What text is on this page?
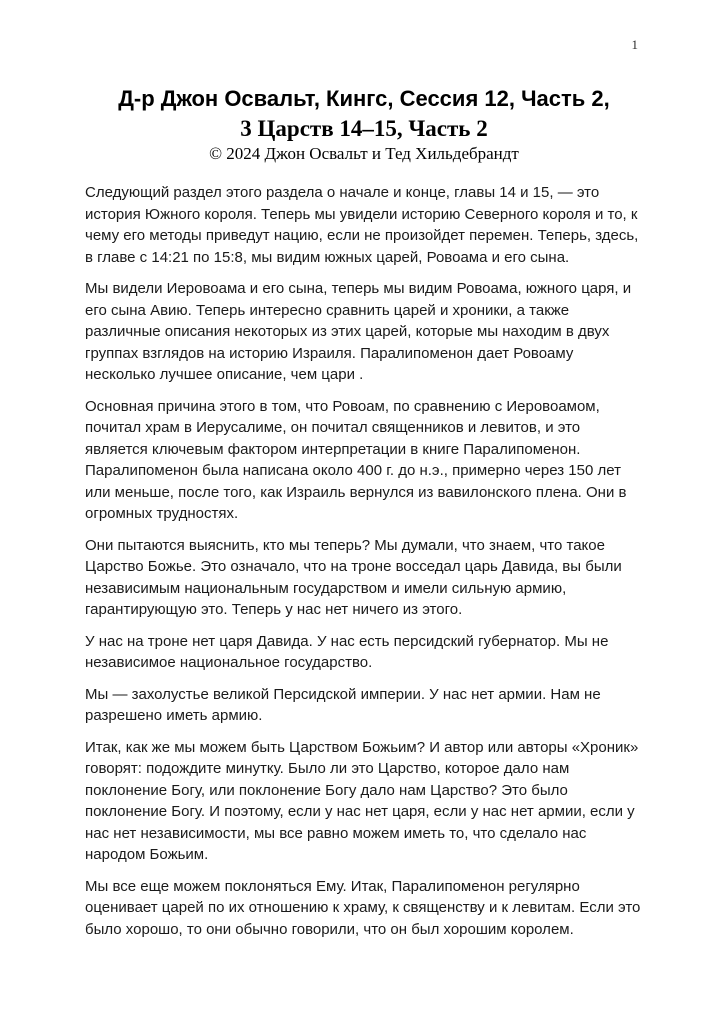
1
Д-р Джон Освальт, Кингс, Сессия 12, Часть 2,
3 Царств 14–15, Часть 2
© 2024 Джон Освальт и Тед Хильдебрандт

Следующий раздел этого раздела о начале и конце, главы 14 и 15, — это история Южного короля. Теперь мы увидели историю Северного короля и то, к чему его методы приведут нацию, если не произойдет перемен. Теперь, здесь, в главе с 14:21 по 15:8, мы видим южных царей, Ровоама и его сына.

Мы видели Иеровоама и его сына, теперь мы видим Ровоама, южного царя, и его сына Авию. Теперь интересно сравнить царей и хроники, а также различные описания некоторых из этих царей, которые мы находим в двух группах взглядов на историю Израиля. Паралипоменон дает Ровоаму несколько лучшее описание, чем цари .

Основная причина этого в том, что Ровоам, по сравнению с Иеровоамом, почитал храм в Иерусалиме, он почитал священников и левитов, и это является ключевым фактором интерпретации в книге Паралипоменон. Паралипоменон была написана около 400 г. до н.э., примерно через 150 лет или меньше, после того, как Израиль вернулся из вавилонского плена. Они в огромных трудностях.

Они пытаются выяснить, кто мы теперь? Мы думали, что знаем, что такое Царство Божье. Это означало, что на троне восседал царь Давида, вы были независимым национальным государством и имели сильную армию, гарантирующую это. Теперь у нас нет ничего из этого.

У нас на троне нет царя Давида. У нас есть персидский губернатор. Мы не независимое национальное государство.

Мы — захолустье великой Персидской империи. У нас нет армии. Нам не разрешено иметь армию.

Итак, как же мы можем быть Царством Божьим? И автор или авторы «Хроник» говорят: подождите минутку. Было ли это Царство, которое дало нам поклонение Богу, или поклонение Богу дало нам Царство? Это было поклонение Богу. И поэтому, если у нас нет царя, если у нас нет армии, если у нас нет независимости, мы все равно можем иметь то, что сделало нас народом Божьим.

Мы все еще можем поклоняться Ему. Итак, Паралипоменон регулярно оценивает царей по их отношению к храму, к священству и к левитам. Если это было хорошо, то они обычно говорили, что он был хорошим королем.
